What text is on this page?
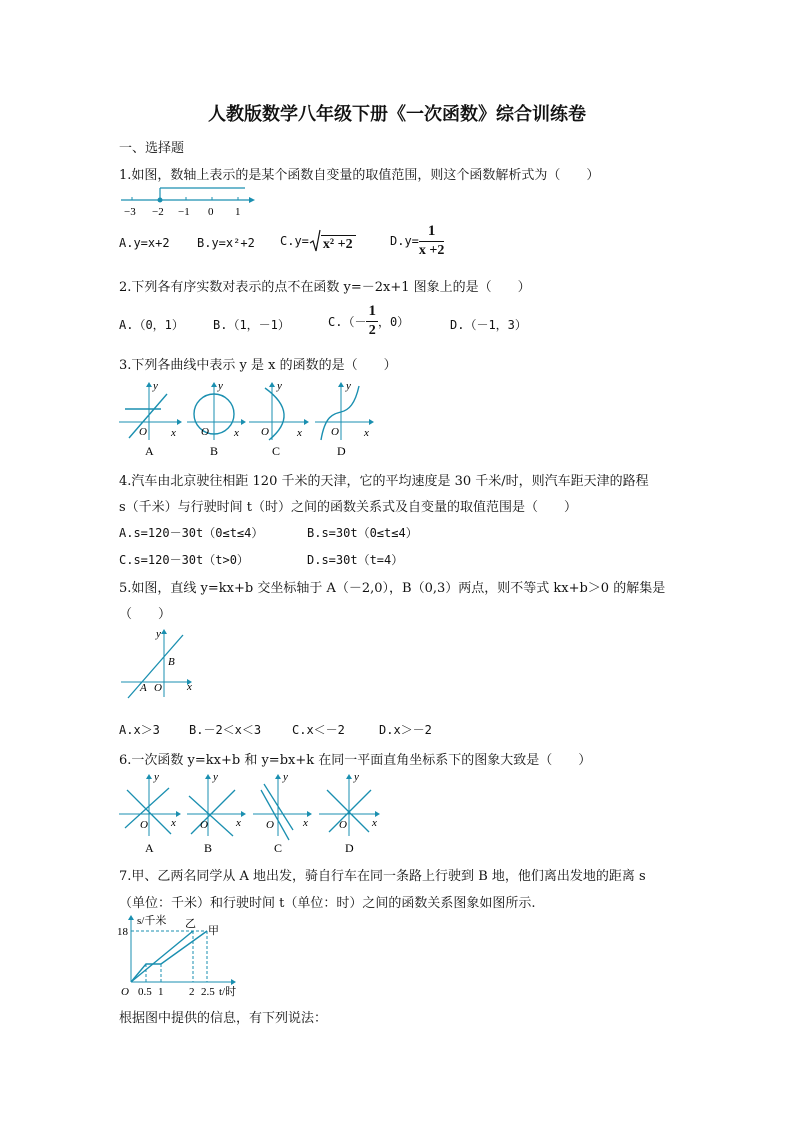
人教版数学八年级下册《一次函数》综合训练卷
一、选择题
1.如图，数轴上表示的是某个函数自变量的取值范围，则这个函数解析式为（　　）
−3 −2 −1 0 1
A.y=x+2 B.y=x²+2 C.y= x² +2	$D.y= \frac{1}{x +2}$
2.下列各有序实数对表示的点不在函数 y=－2x+1 图象上的是（　　）
A.（0，1） B.（1，－1）	$C.(- \frac{1}{2}$ ，0）	D.（－1，3）
3.下列各曲线中表示 y 是 x 的函数的是（　　）
y
x
O
A
y
x
O
B
y
x
O
C
y
x
O
D
4.汽车由北京驶往相距 120 千米的天津，它的平均速度是 30 千米/时，则汽车距天津的路程
s（千米）与行驶时间 t（时）之间的函数关系式及自变量的取值范围是（　　）
A.s=120－30t（0≤t≤4）	B.s=30t（0≤t≤4）
C.s=120－30t（t>0）	D.s=30t（t=4）
5.如图，直线 y=kx+b 交坐标轴于 A（－2,0），B（0,3）两点，则不等式 kx+b＞0 的解集是
（　　）
y
x
A O
B
A.x＞3 B.－2＜x＜3	C.x＜－2	D.x＞－2
6.一次函数 y=kx+b 和 y=bx+k 在同一平面直角坐标系下的图象大致是（　　）
O x
y
A
O	x
y
B
O	x
y
C
O x
y
D
7.甲、乙两名同学从 A 地出发，骑自行车在同一条路上行驶到 B 地，他们离出发地的距离 s
（单位：千米）和行驶时间 t（单位：时）之间的函数关系图象如图所示.
s/千米
18
乙
甲
O 0.5 1 2 2.5 t/时
根据图中提供的信息，有下列说法：
